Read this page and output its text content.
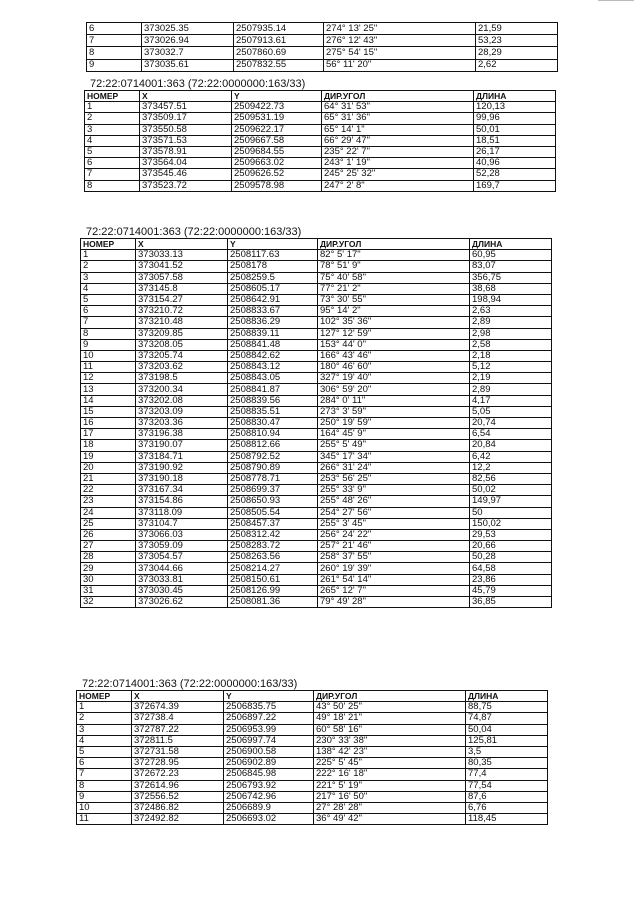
6	373025.35	2507935.14	274° 13' 25"	21,59
7	373026.94	2507913.61	276° 12' 43"	53,23
8	373032.7	2507860.69	275° 54' 15"	28,29
9	373035.61	2507832.55	56° 11' 20"	2,62
72:22:0714001:363 (72:22:0000000:163/33)
НОМЕР	X	Y	ДИР.УГОЛ	ДЛИНА
1	373457.51	2509422.73	64° 31' 53"	120,13
2	373509.17	2509531.19	65° 31' 36"	99,96
3	373550.58	2509622.17	65° 14' 1"	50,01
4	373571.53	2509667.58	66° 29' 47"	18,51
5	373578.91	2509684.55	235° 22' 7"	26,17
6	373564.04	2509663.02	243° 1' 19"	40,96
7	373545.46	2509626.52	245° 25' 32"	52,28
8	373523.72	2509578.98	247° 2' 8"	169,7
72:22:0714001:363 (72:22:0000000:163/33)
НОМЕР	X	Y	ДИР.УГОЛ	ДЛИНА
1	373033.13	2508117.63	82° 5' 17"	60,95
2	373041.52	2508178	78° 51' 9"	83,07
3	373057.58	2508259.5	75° 40' 58"	356,75
4	373145.8	2508605.17	77° 21' 2"	38,68
5	373154.27	2508642.91	73° 30' 55"	198,94
6	373210.72	2508833.67	95° 14' 2"	2,63
7	373210.48	2508836.29	102° 35' 36"	2,89
8	373209.85	2508839.11	127° 12' 59"	2,98
9	373208.05	2508841.48	153° 44' 0"	2,58
10	373205.74	2508842.62	166° 43' 46"	2,18
11	373203.62	2508843.12	180° 46' 60"	5,12
12	373198.5	2508843.05	327° 19' 40"	2,19
13	373200.34	2508841.87	306° 59' 20"	2,89
14	373202.08	2508839.56	284° 0' 11"	4,17
15	373203.09	2508835.51	273° 3' 59"	5,05
16	373203.36	2508830.47	250° 19' 59"	20,74
17	373196.38	2508810.94	164° 45' 9"	6,54
18	373190.07	2508812.66	255° 5' 49"	20,84
19	373184.71	2508792.52	345° 17' 34"	6,42
20	373190.92	2508790.89	266° 31' 24"	12,2
21	373190.18	2508778.71	253° 56' 25"	82,56
22	373167.34	2508699.37	255° 33' 9"	50,02
23	373154.86	2508650.93	255° 48' 26"	149,97
24	373118.09	2508505.54	254° 27' 56"	50
25	373104.7	2508457.37	255° 3' 45"	150,02
26	373066.03	2508312.42	256° 24' 22"	29,53
27	373059.09	2508283.72	257° 21' 46"	20,66
28	373054.57	2508263.56	258° 37' 55"	50,28
29	373044.66	2508214.27	260° 19' 39"	64,58
30	373033.81	2508150.61	261° 54' 14"	23,86
31	373030.45	2508126.99	265° 12' 7"	45,79
32	373026.62	2508081.36	79° 49' 28"	36,85
72:22:0714001:363 (72:22:0000000:163/33)
НОМЕР	X	Y	ДИР.УГОЛ	ДЛИНА
1	372674.39	2506835.75	43° 50' 25"	88,75
2	372738.4	2506897.22	49° 18' 21"	74,87
3	372787.22	2506953.99	60° 58' 16"	50,04
4	372811.5	2506997.74	230° 33' 38"	125,81
5	372731.58	2506900.58	138° 42' 23"	3,5
6	372728.95	2506902.89	225° 5' 45"	80,35
7	372672.23	2506845.98	222° 16' 18"	77,4
8	372614.96	2506793.92	221° 5' 19"	77,54
9	372556.52	2506742.96	217° 16' 50"	87,6
10	372486.82	2506689.9	27° 28' 28"	6,76
11	372492.82	2506693.02	36° 49' 42"	118,45
